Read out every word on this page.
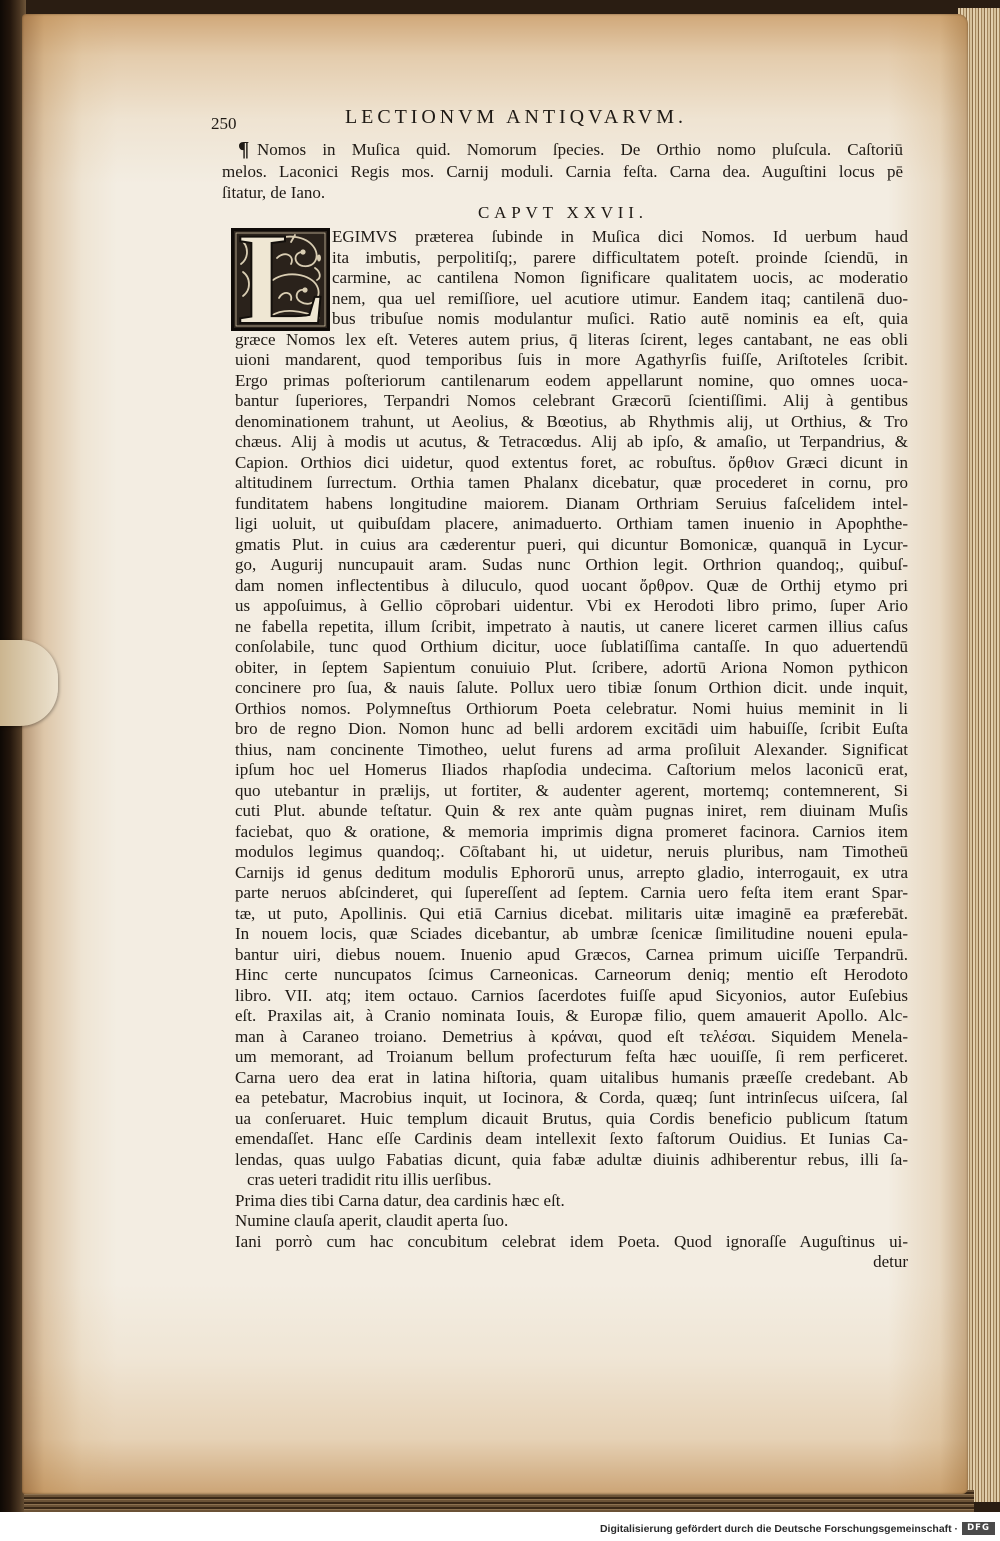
250	LECTIONVM ANTIQVARVM.
¶ Nomos in Muſica quid. Nomorum ſpecies. De Orthio nomo pluſcula. Caſtoriū
melos. Laconici Regis mos. Carnij moduli. Carnia feſta. Carna dea. Auguſtini locus pē
ſitatur, de Iano.
CAPVT XXVII.
L EGIMVS præterea ſubinde in Muſica dici Nomos. Id uerbum haud
ita imbutis, perpolitiſq;, parere difficultatem poteſt. proinde ſciendū, in
carmine, ac cantilena Nomon ſignificare qualitatem uocis, ac moderatio
nem, qua uel remiſſiore, uel acutiore utimur. Eandem itaq; cantilenā duo-
bus tribuſue nomis modulantur muſici. Ratio autē nominis ea eſt, quia
græce Nomos lex eſt. Veteres autem prius, q̄ literas ſcirent, leges cantabant, ne eas obli
uioni mandarent, quod temporibus ſuis in more Agathyrſis fuiſſe, Ariſtoteles ſcribit.
Ergo primas poſteriorum cantilenarum eodem appellarunt nomine, quo omnes uoca-
bantur ſuperiores, Terpandri Nomos celebrant Græcorū ſcientiſſimi. Alij à gentibus
denominationem trahunt, ut Aeolius, & Bœotius, ab Rhythmis alij, ut Orthius, & Tro
chæus. Alij à modis ut acutus, & Tetracœdus. Alij ab ipſo, & amaſio, ut Terpandrius, &
Capion. Orthios dici uidetur, quod extentus foret, ac robuſtus. ὄρθιον Græci dicunt in
altitudinem ſurrectum. Orthia tamen Phalanx dicebatur, quæ procederet in cornu, pro
funditatem habens longitudine maiorem. Dianam Orthriam Seruius faſcelidem intel-
ligi uoluit, ut quibuſdam placere, animaduerto. Orthiam tamen inuenio in Apophthe-
gmatis Plut. in cuius ara cæderentur pueri, qui dicuntur Bomonicæ, quanquā in Lycur-
go, Augurij nuncupauit aram. Sudas nunc Orthion legit. Orthrion quandoq;, quibuſ-
dam nomen inflectentibus à diluculo, quod uocant ὄρθρον. Quæ de Orthij etymo pri
us appoſuimus, à Gellio cōprobari uidentur. Vbi ex Herodoti libro primo, ſuper Ario
ne fabella repetita, illum ſcribit, impetrato à nautis, ut canere liceret carmen illius caſus
conſolabile, tunc quod Orthium dicitur, uoce ſublatiſſima cantaſſe. In quo aduertendū
obiter, in ſeptem Sapientum conuiuio Plut. ſcribere, adortū Ariona Nomon pythicon
concinere pro ſua, & nauis ſalute. Pollux uero tibiæ ſonum Orthion dicit. unde inquit,
Orthios nomos. Polymneſtus Orthiorum Poeta celebratur. Nomi huius meminit in li
bro de regno Dion. Nomon hunc ad belli ardorem excitādi uim habuiſſe, ſcribit Euſta
thius, nam concinente Timotheo, uelut furens ad arma proſiluit Alexander. Significat
ipſum hoc uel Homerus Iliados rhapſodia undecima. Caſtorium melos laconicū erat,
quo utebantur in prælijs, ut fortiter, & audenter agerent, mortemq; contemnerent, Si
cuti Plut. abunde teſtatur. Quin & rex ante quàm pugnas iniret, rem diuinam Muſis
faciebat, quo & oratione, & memoria imprimis digna promeret facinora. Carnios item
modulos legimus quandoq;. Cōſtabant hi, ut uidetur, neruis pluribus, nam Timotheū
Carnijs id genus deditum modulis Ephororū unus, arrepto gladio, interrogauit, ex utra
parte neruos abſcinderet, qui ſupereſſent ad ſeptem. Carnia uero feſta item erant Spar-
tæ, ut puto, Apollinis. Qui etiā Carnius dicebat. militaris uitæ imaginē ea præferebāt.
In nouem locis, quæ Sciades dicebantur, ab umbræ ſcenicæ ſimilitudine noueni epula-
bantur uiri, diebus nouem. Inuenio apud Græcos, Carnea primum uiciſſe Terpandrū.
Hinc certe nuncupatos ſcimus Carneonicas. Carneorum deniq; mentio eſt Herodoto
libro. VII. atq; item octauo. Carnios ſacerdotes fuiſſe apud Sicyonios, autor Euſebius
eſt. Praxilas ait, à Cranio nominata Iouis, & Europæ filio, quem amauerit Apollo. Alc-
man à Caraneo troiano. Demetrius à κράναι, quod eſt τελέσαι. Siquidem Menela-
um memorant, ad Troianum bellum profecturum feſta hæc uouiſſe, ſi rem perficeret.
Carna uero dea erat in latina hiſtoria, quam uitalibus humanis præeſſe credebant. Ab
ea petebatur, Macrobius inquit, ut Iocinora, & Corda, quæq; ſunt intrinſecus uiſcera, ſal
ua conſeruaret. Huic templum dicauit Brutus, quia Cordis beneficio publicum ſtatum
emendaſſet. Hanc eſſe Cardinis deam intellexit ſexto faſtorum Ouidius. Et Iunias Ca-
lendas, quas uulgo Fabatias dicunt, quia fabæ adultæ diuinis adhiberentur rebus, illi ſa-
cras ueteri tradidit ritu illis uerſibus.
Prima dies tibi Carna datur, dea cardinis hæc eſt.
Numine clauſa aperit, claudit aperta ſuo.
Iani porrò cum hac concubitum celebrat idem Poeta. Quod ignoraſſe Auguſtinus ui-
detur
Digitalisierung gefördert durch die Deutsche Forschungsgemeinschaft ·	DFG
